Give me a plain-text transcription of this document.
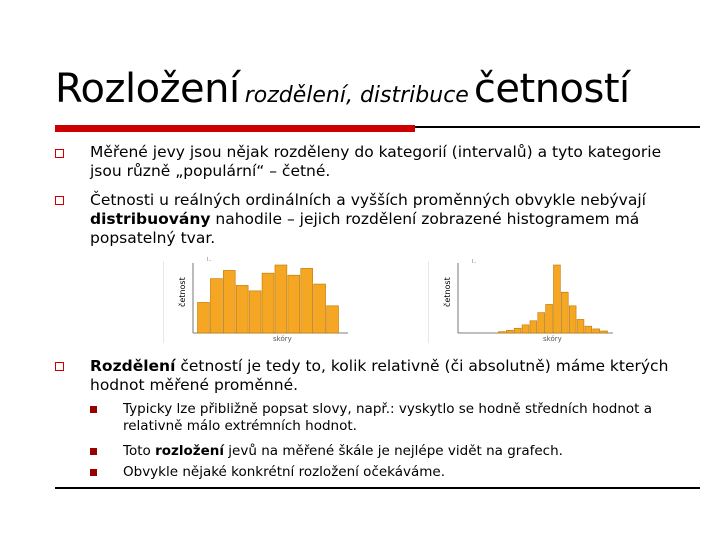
Rozložení rozdělení, distribuce četností
Měřené jevy jsou nějak rozděleny do kategorií (intervalů) a tyto kategorie jsou různě „populární“ – četné.
Četnosti u reálných ordinálních a vyšších proměnných obvykle nebývají distribuovány nahodile – jejich rozdělení zobrazené histogramem má popsatelný tvar.
l..
četnost
skóry
l..
četnost
skóry
Rozdělení četností je tedy to, kolik relativně (či absolutně) máme kterých hodnot měřené proměnné.
Typicky lze přibližně popsat slovy, např.: vyskytlo se hodně středních hodnot a relativně málo extrémních hodnot.
Toto rozložení jevů na měřené škále je nejlépe vidět na grafech.
Obvykle nějaké konkrétní rozložení očekáváme.
